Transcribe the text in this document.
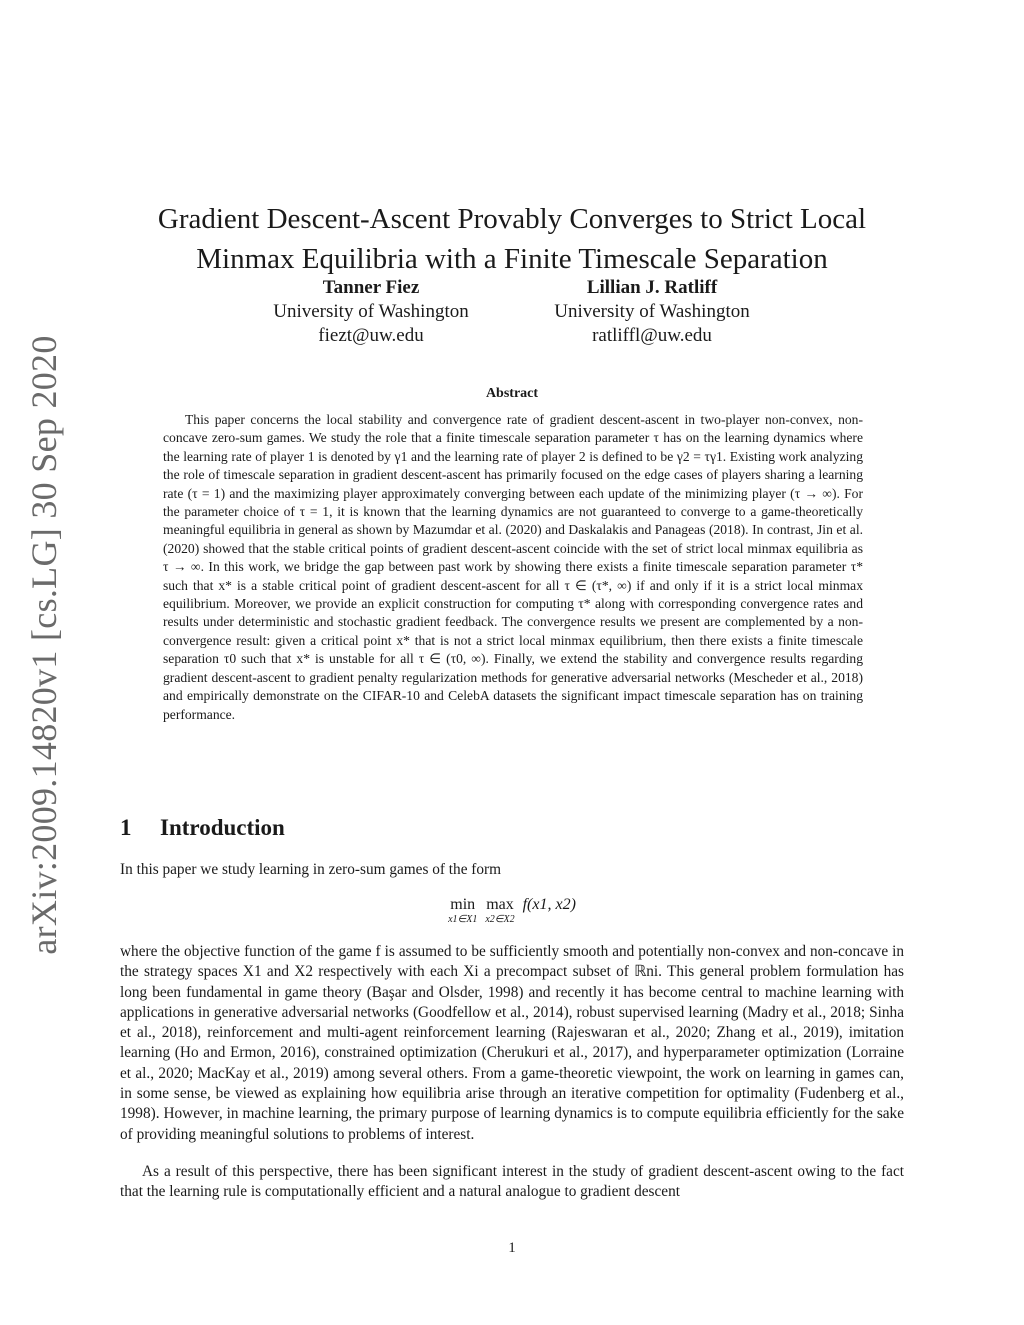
arXiv:2009.14820v1 [cs.LG] 30 Sep 2020
Gradient Descent-Ascent Provably Converges to Strict Local Minmax Equilibria with a Finite Timescale Separation
Tanner Fiez
University of Washington
fiezt@uw.edu
Lillian J. Ratliff
University of Washington
ratliffl@uw.edu
Abstract

This paper concerns the local stability and convergence rate of gradient descent-ascent in two-player non-convex, non-concave zero-sum games. We study the role that a finite timescale separation parameter τ has on the learning dynamics where the learning rate of player 1 is denoted by γ1 and the learning rate of player 2 is defined to be γ2 = τγ1. Existing work analyzing the role of timescale separation in gradient descent-ascent has primarily focused on the edge cases of players sharing a learning rate (τ = 1) and the maximizing player approximately converging between each update of the minimizing player (τ → ∞). For the parameter choice of τ = 1, it is known that the learning dynamics are not guaranteed to converge to a game-theoretically meaningful equilibria in general as shown by Mazumdar et al. (2020) and Daskalakis and Panageas (2018). In contrast, Jin et al. (2020) showed that the stable critical points of gradient descent-ascent coincide with the set of strict local minmax equilibria as τ → ∞. In this work, we bridge the gap between past work by showing there exists a finite timescale separation parameter τ* such that x* is a stable critical point of gradient descent-ascent for all τ ∈ (τ*, ∞) if and only if it is a strict local minmax equilibrium. Moreover, we provide an explicit construction for computing τ* along with corresponding convergence rates and results under deterministic and stochastic gradient feedback. The convergence results we present are complemented by a non-convergence result: given a critical point x* that is not a strict local minmax equilibrium, then there exists a finite timescale separation τ0 such that x* is unstable for all τ ∈ (τ0, ∞). Finally, we extend the stability and convergence results regarding gradient descent-ascent to gradient penalty regularization methods for generative adversarial networks (Mescheder et al., 2018) and empirically demonstrate on the CIFAR-10 and CelebA datasets the significant impact timescale separation has on training performance.

1 Introduction

In this paper we study learning in zero-sum games of the form

min
x1∈X1

max
x2∈X2
f(x1, x2)

where the objective function of the game f is assumed to be sufficiently smooth and potentially non-convex and non-concave in the strategy spaces X1 and X2 respectively with each Xi a precompact subset of ℝni. This general problem formulation has long been fundamental in game theory (Başar and Olsder, 1998) and recently it has become central to machine learning with applications in generative adversarial networks (Goodfellow et al., 2014), robust supervised learning (Madry et al., 2018; Sinha et al., 2018), reinforcement and multi-agent reinforcement learning (Rajeswaran et al., 2020; Zhang et al., 2019), imitation learning (Ho and Ermon, 2016), constrained optimization (Cherukuri et al., 2017), and hyperparameter optimization (Lorraine et al., 2020; MacKay et al., 2019) among several others. From a game-theoretic viewpoint, the work on learning in games can, in some sense, be viewed as explaining how equilibria arise through an iterative competition for optimality (Fudenberg et al., 1998). However, in machine learning, the primary purpose of learning dynamics is to compute equilibria efficiently for the sake of providing meaningful solutions to problems of interest.

As a result of this perspective, there has been significant interest in the study of gradient descent-ascent owing to the fact that the learning rule is computationally efficient and a natural analogue to gradient descent

1
